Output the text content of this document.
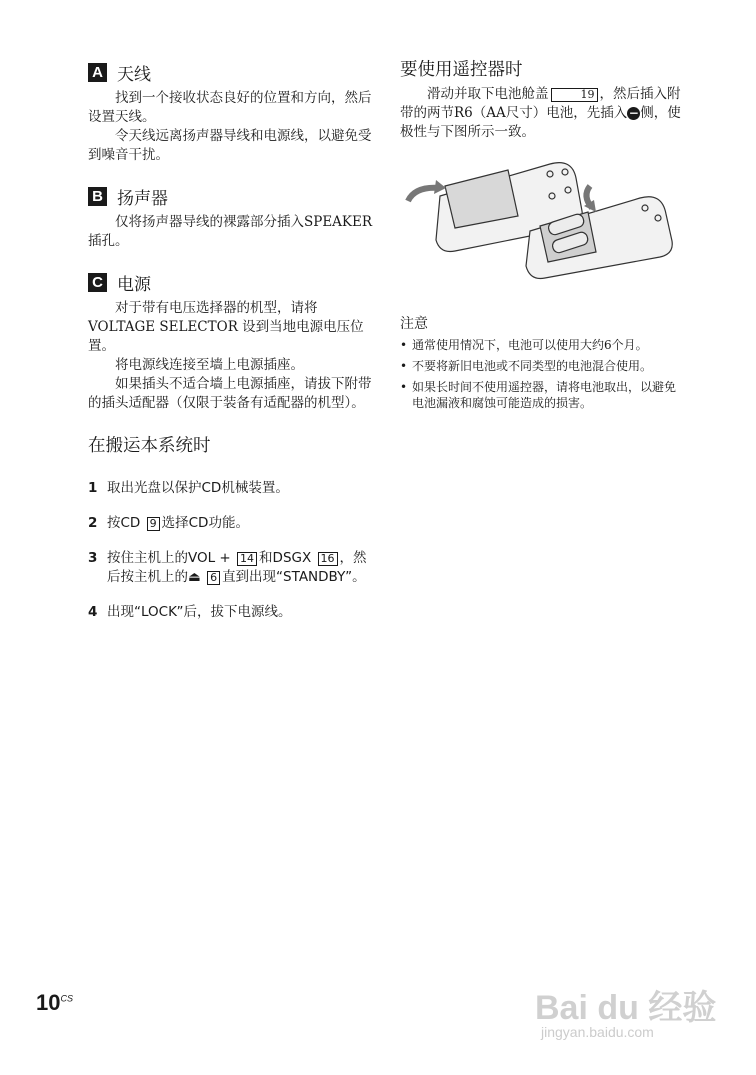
A 天线

找到一个接收状态良好的位置和方向，然后设置天线。

令天线远离扬声器导线和电源线，以避免受到噪音干扰。

B 扬声器

仅将扬声器导线的裸露部分插入SPEAKER插孔。

C 电源

对于带有电压选择器的机型，请将VOLTAGE SELECTOR 设到当地电源电压位置。

将电源线连接至墙上电源插座。

如果插头不适合墙上电源插座，请拔下附带的插头适配器（仅限于装备有适配器的机型）。

在搬运本系统时
1 取出光盘以保护CD机械装置。
2 按CD 9 选择CD功能。
3 按住主机上的VOL + 14 和DSGX 16 ，然后按主机上的⏏ 6 直到出现“STANDBY”。
4 出现“LOCK”后，拔下电源线。
要使用遥控器时

滑动并取下电池舱盖	19 ，然后插入附带的两节R6（AA尺寸）电池，先插入−侧，使极性与下图所示一致。

注意
• 通常使用情况下，电池可以使用大约6个月。
• 不要将新旧电池或不同类型的电池混合使用。
• 如果长时间不使用遥控器，请将电池取出，以避免电池漏液和腐蚀可能造成的损害。
$10^{CS}$	Bai du 经验
jingyan.baidu.com
